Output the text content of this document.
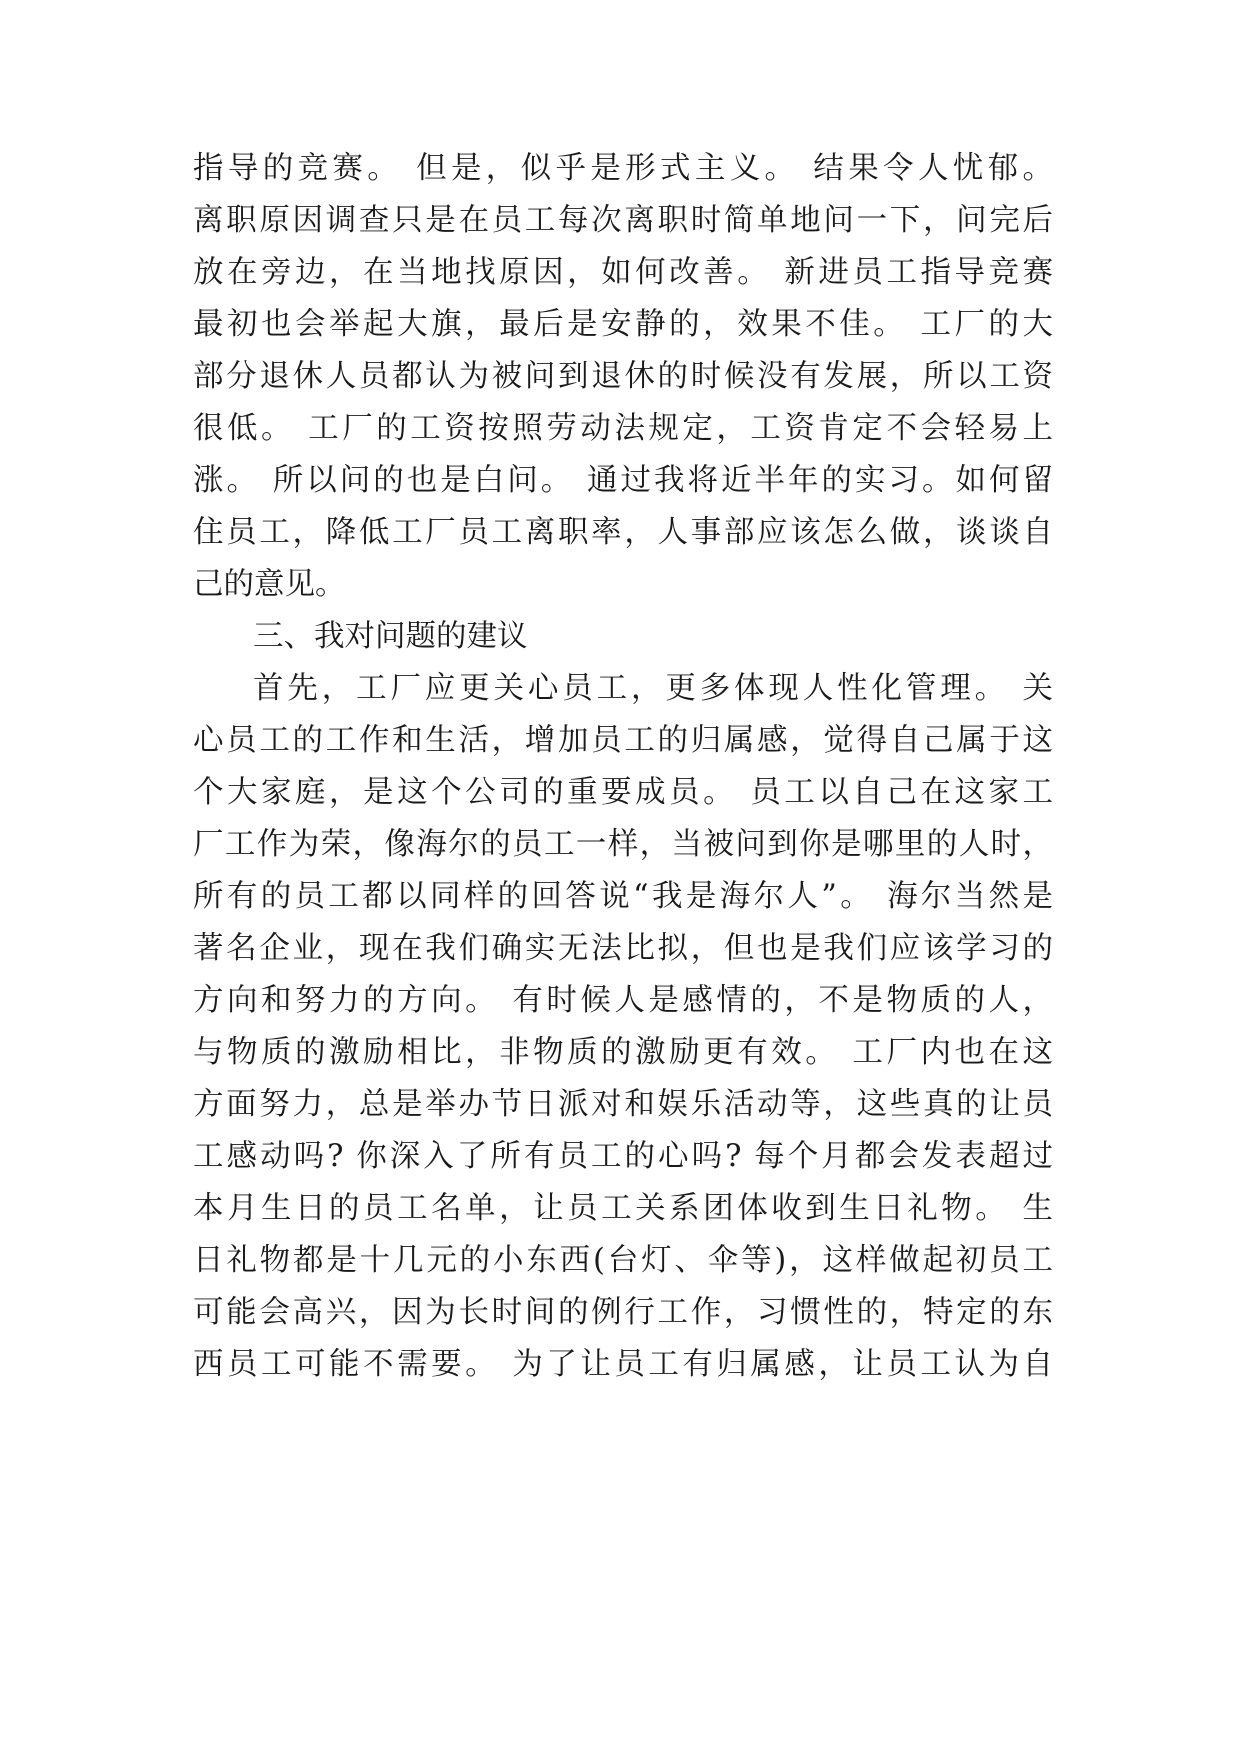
指导的竞赛。 但是，似乎是形式主义。 结果令人忧郁。
离职原因调查只是在员工每次离职时简单地问一下，问完后
放在旁边，在当地找原因，如何改善。 新进员工指导竞赛
最初也会举起大旗，最后是安静的，效果不佳。 工厂的大
部分退休人员都认为被问到退休的时候没有发展，所以工资
很低。 工厂的工资按照劳动法规定，工资肯定不会轻易上
涨。 所以问的也是白问。 通过我将近半年的实习。如何留
住员工，降低工厂员工离职率，人事部应该怎么做，谈谈自
己的意见。
三、我对问题的建议
首先，工厂应更关心员工，更多体现人性化管理。 关
心员工的工作和生活，增加员工的归属感，觉得自己属于这
个大家庭，是这个公司的重要成员。 员工以自己在这家工
厂工作为荣，像海尔的员工一样，当被问到你是哪里的人时，
所有的员工都以同样的回答说“我是海尔人”。 海尔当然是
著名企业，现在我们确实无法比拟，但也是我们应该学习的
方向和努力的方向。 有时候人是感情的，不是物质的人，
与物质的激励相比，非物质的激励更有效。 工厂内也在这
方面努力，总是举办节日派对和娱乐活动等，这些真的让员
工感动吗? 你深入了所有员工的心吗? 每个月都会发表超过
本月生日的员工名单，让员工关系团体收到生日礼物。 生
日礼物都是十几元的小东西(台灯、伞等)，这样做起初员工
可能会高兴，因为长时间的例行工作，习惯性的，特定的东
西员工可能不需要。 为了让员工有归属感，让员工认为自
